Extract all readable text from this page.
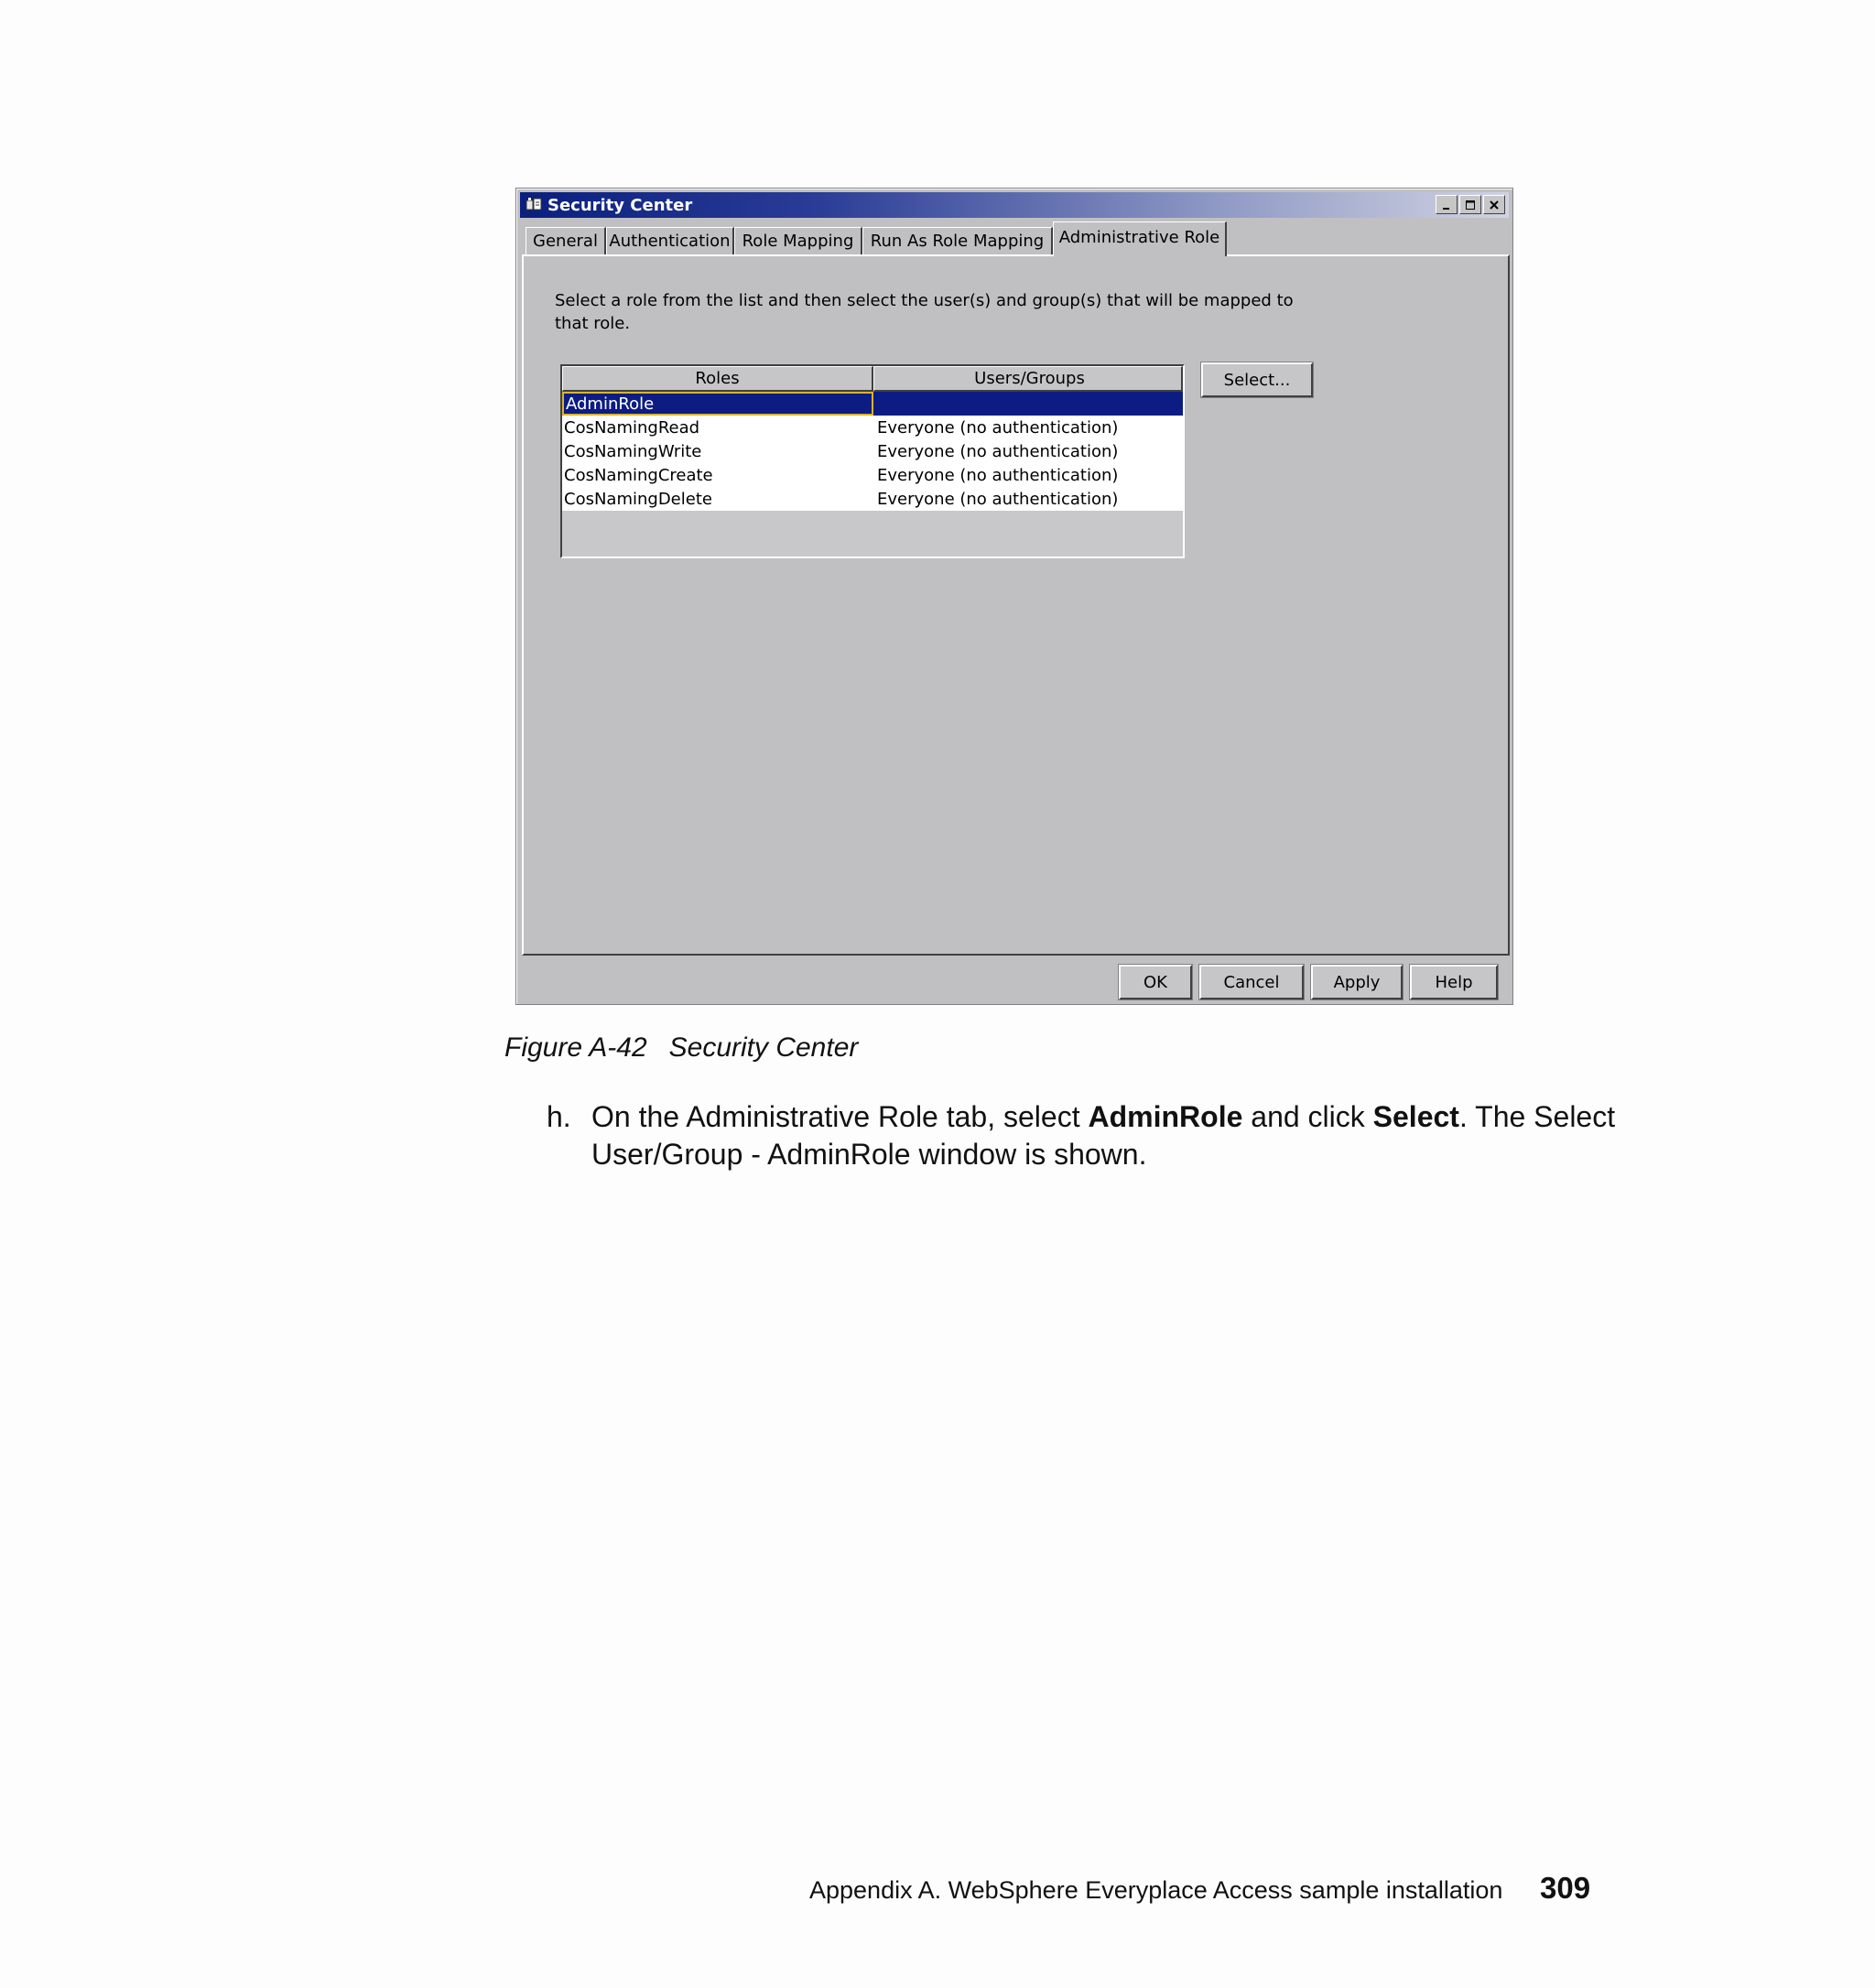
Security Center
General Authentication Role Mapping Run As Role Mapping Administrative Role
Select a role from the list and then select the user(s) and group(s) that will be mapped to that role.
Roles	Users/Groups
AdminRole
CosNamingRead	Everyone (no authentication)
CosNamingWrite	Everyone (no authentication)
CosNamingCreate	Everyone (no authentication)
CosNamingDelete	Everyone (no authentication)
Select...
OK	Cancel	Apply	Help
Figure A-42 Security Center
h. On the Administrative Role tab, select AdminRole and click Select. The Select User/Group - AdminRole window is shown.
Appendix A. WebSphere Everyplace Access sample installation 309
